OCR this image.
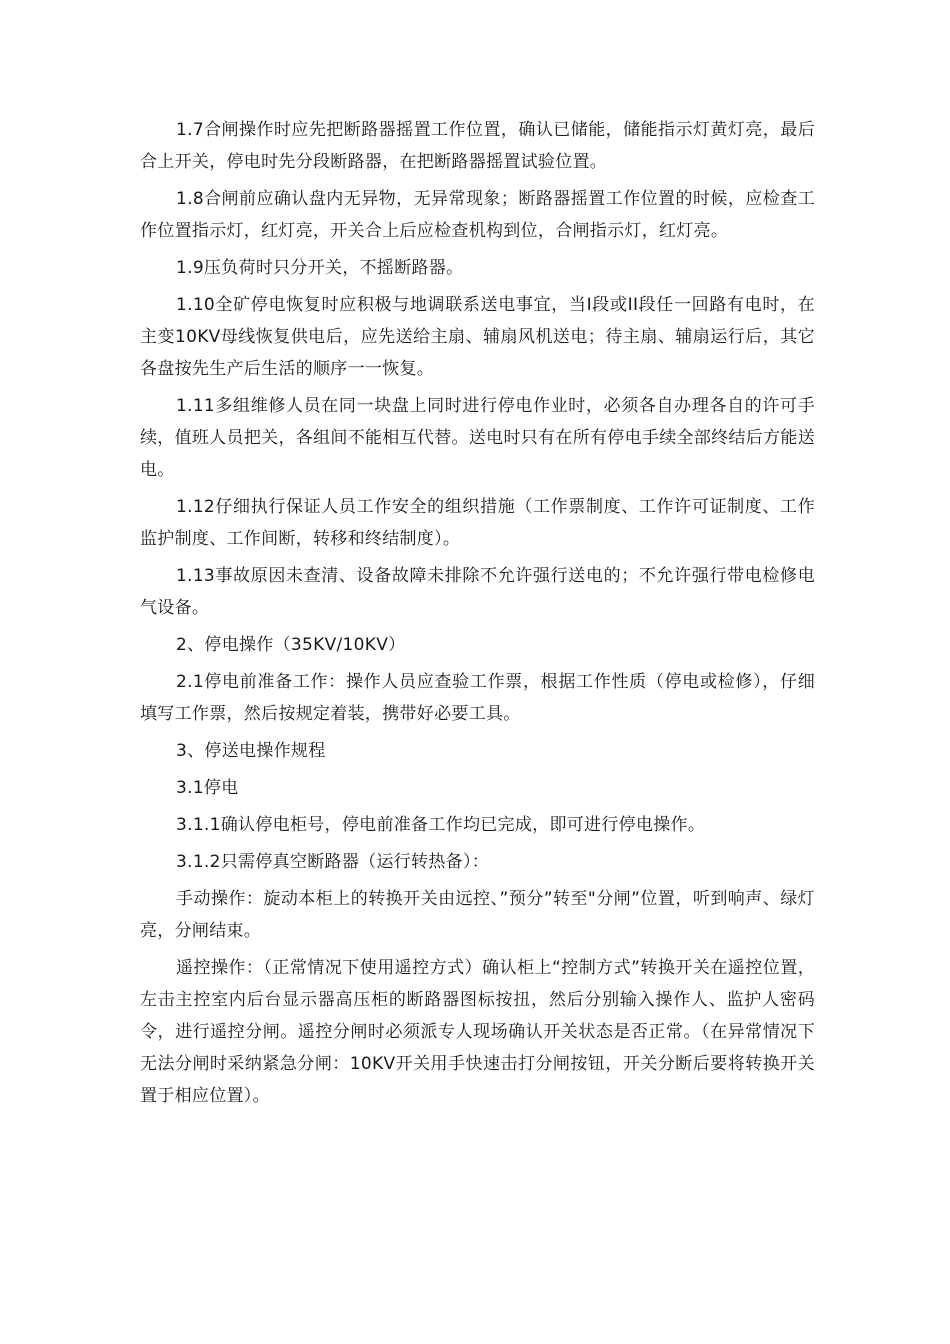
1.7合闸操作时应先把断路器摇置工作位置，确认已储能，储能指示灯黄灯亮，最后合上开关，停电时先分段断路器，在把断路器摇置试验位置。

1.8合闸前应确认盘内无异物，无异常现象；断路器摇置工作位置的时候，应检查工作位置指示灯，红灯亮，开关合上后应检查机构到位，合闸指示灯，红灯亮。

1.9压负荷时只分开关，不摇断路器。

1.10全矿停电恢复时应积极与地调联系送电事宜，当I段或II段任一回路有电时，在主变10KV母线恢复供电后，应先送给主扇、辅扇风机送电；待主扇、辅扇运行后，其它各盘按先生产后生活的顺序一一恢复。

1.11多组维修人员在同一块盘上同时进行停电作业时，必须各自办理各自的许可手续，值班人员把关，各组间不能相互代替。送电时只有在所有停电手续全部终结后方能送电。

1.12仔细执行保证人员工作安全的组织措施（工作票制度、工作许可证制度、工作监护制度、工作间断，转移和终结制度）。

1.13事故原因未查清、设备故障未排除不允许强行送电的；不允许强行带电检修电气设备。

2、停电操作（35KV/10KV）

2.1停电前准备工作：操作人员应查验工作票，根据工作性质（停电或检修），仔细填写工作票，然后按规定着装，携带好必要工具。

3、停送电操作规程

3.1停电

3.1.1确认停电柜号，停电前准备工作均已完成，即可进行停电操作。

3.1.2只需停真空断路器（运行转热备）：

手动操作：旋动本柜上的转换开关由远控、”预分”转至"分闸”位置，听到响声、绿灯亮，分闸结束。

遥控操作：（正常情况下使用遥控方式）确认柜上“控制方式”转换开关在遥控位置，左击主控室内后台显示器高压柜的断路器图标按扭，然后分别输入操作人、监护人密码令，进行遥控分闸。遥控分闸时必须派专人现场确认开关状态是否正常。（在异常情况下无法分闸时采纳紧急分闸：10KV开关用手快速击打分闸按钮，开关分断后要将转换开关置于相应位置）。
